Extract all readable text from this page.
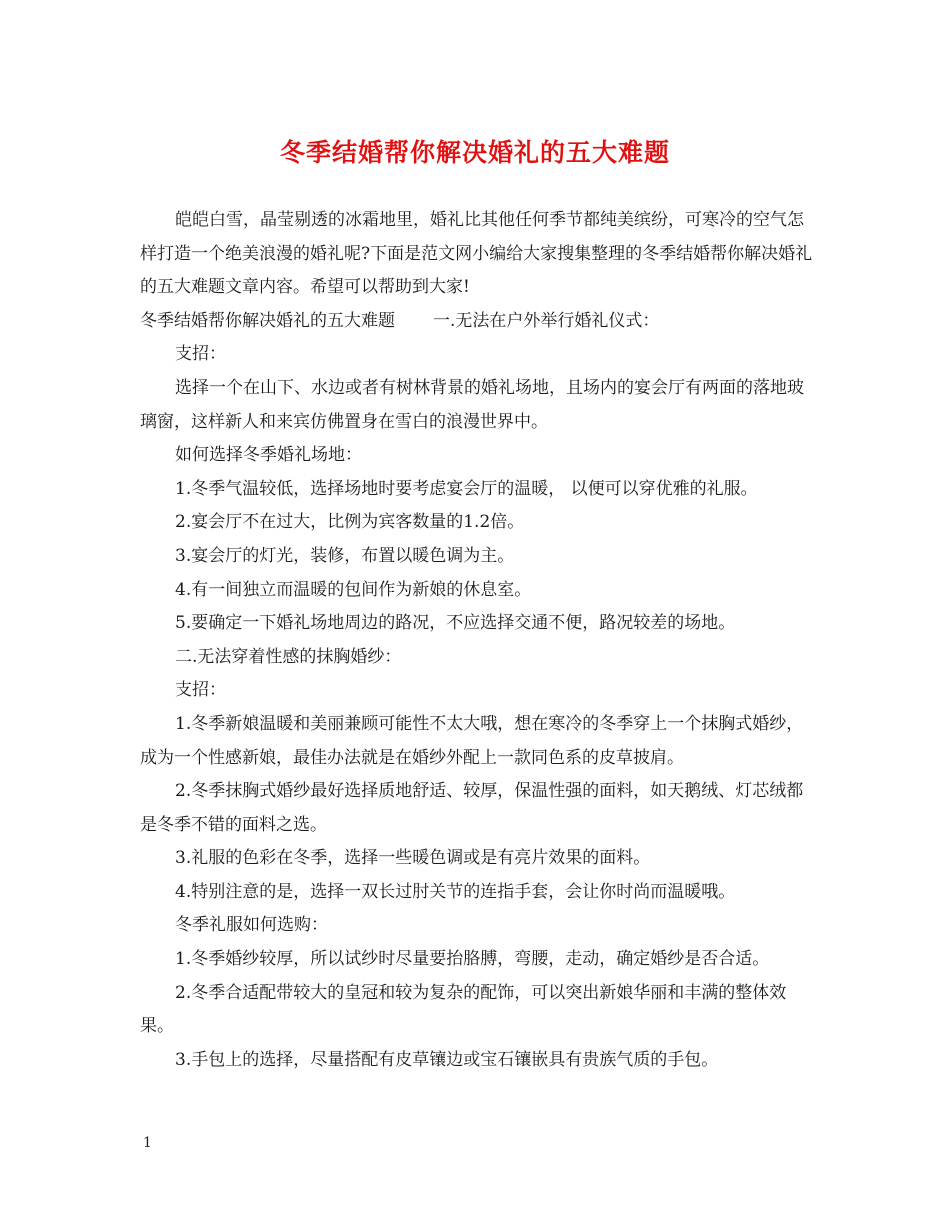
冬季结婚帮你解决婚礼的五大难题

皑皑白雪，晶莹剔透的冰霜地里，婚礼比其他任何季节都纯美缤纷，可寒冷的空气怎样打造一个绝美浪漫的婚礼呢?下面是范文网小编给大家搜集整理的冬季结婚帮你解决婚礼的五大难题文章内容。希望可以帮助到大家!

冬季结婚帮你解决婚礼的五大难题 一.无法在户外举行婚礼仪式：

支招：

选择一个在山下、水边或者有树林背景的婚礼场地，且场内的宴会厅有两面的落地玻璃窗，这样新人和来宾仿佛置身在雪白的浪漫世界中。

如何选择冬季婚礼场地：

1.冬季气温较低，选择场地时要考虑宴会厅的温暖， 以便可以穿优雅的礼服。

2.宴会厅不在过大，比例为宾客数量的1.2倍。

3.宴会厅的灯光，装修，布置以暖色调为主。

4.有一间独立而温暖的包间作为新娘的休息室。

5.要确定一下婚礼场地周边的路况，不应选择交通不便，路况较差的场地。

二.无法穿着性感的抹胸婚纱：

支招：

1.冬季新娘温暖和美丽兼顾可能性不太大哦，想在寒冷的冬季穿上一个抹胸式婚纱，成为一个性感新娘，最佳办法就是在婚纱外配上一款同色系的皮草披肩。

2.冬季抹胸式婚纱最好选择质地舒适、较厚，保温性强的面料，如天鹅绒、灯芯绒都是冬季不错的面料之选。

3.礼服的色彩在冬季，选择一些暖色调或是有亮片效果的面料。

4.特别注意的是，选择一双长过肘关节的连指手套，会让你时尚而温暖哦。

冬季礼服如何选购：

1.冬季婚纱较厚，所以试纱时尽量要抬胳膊，弯腰，走动，确定婚纱是否合适。

2.冬季合适配带较大的皇冠和较为复杂的配饰，可以突出新娘华丽和丰满的整体效果。

3.手包上的选择，尽量搭配有皮草镶边或宝石镶嵌具有贵族气质的手包。

1
